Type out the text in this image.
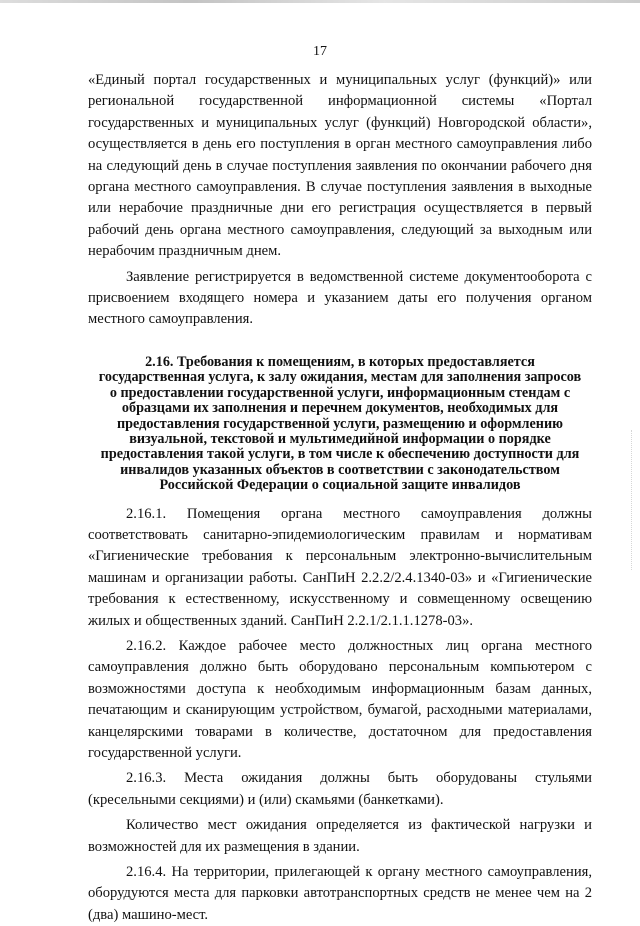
17

«Единый портал государственных и муниципальных услуг (функций)» или региональной государственной информационной системы «Портал государственных и муниципальных услуг (функций) Новгородской области», осуществляется в день его поступления в орган местного самоуправления либо на следующий день в случае поступления заявления по окончании рабочего дня органа местного самоуправления. В случае поступления заявления в выходные или нерабочие праздничные дни его регистрация осуществляется в первый рабочий день органа местного самоуправления, следующий за выходным или нерабочим праздничным днем.

Заявление регистрируется в ведомственной системе документооборота с присвоением входящего номера и указанием даты его получения органом местного самоуправления.

2.16. Требования к помещениям, в которых предоставляется государственная услуга, к залу ожидания, местам для заполнения запросов о предоставлении государственной услуги, информационным стендам с образцами их заполнения и перечнем документов, необходимых для предоставления государственной услуги, размещению и оформлению визуальной, текстовой и мультимедийной информации о порядке предоставления такой услуги, в том числе к обеспечению доступности для инвалидов указанных объектов в соответствии с законодательством Российской Федерации о социальной защите инвалидов

2.16.1. Помещения органа местного самоуправления должны соответствовать санитарно-эпидемиологическим правилам и нормативам «Гигиенические требования к персональным электронно-вычислительным машинам и организации работы. СанПиН 2.2.2/2.4.1340-03» и «Гигиенические требования к естественному, искусственному и совмещенному освещению жилых и общественных зданий. СанПиН 2.2.1/2.1.1.1278-03».

2.16.2. Каждое рабочее место должностных лиц органа местного самоуправления должно быть оборудовано персональным компьютером с возможностями доступа к необходимым информационным базам данных, печатающим и сканирующим устройством, бумагой, расходными материалами, канцелярскими товарами в количестве, достаточном для предоставления государственной услуги.

2.16.3. Места ожидания должны быть оборудованы стульями (кресельными секциями) и (или) скамьями (банкетками).

Количество мест ожидания определяется из фактической нагрузки и возможностей для их размещения в здании.

2.16.4. На территории, прилегающей к органу местного самоуправления, оборудуются места для парковки автотранспортных средств не менее чем на 2 (два) машино-мест.
